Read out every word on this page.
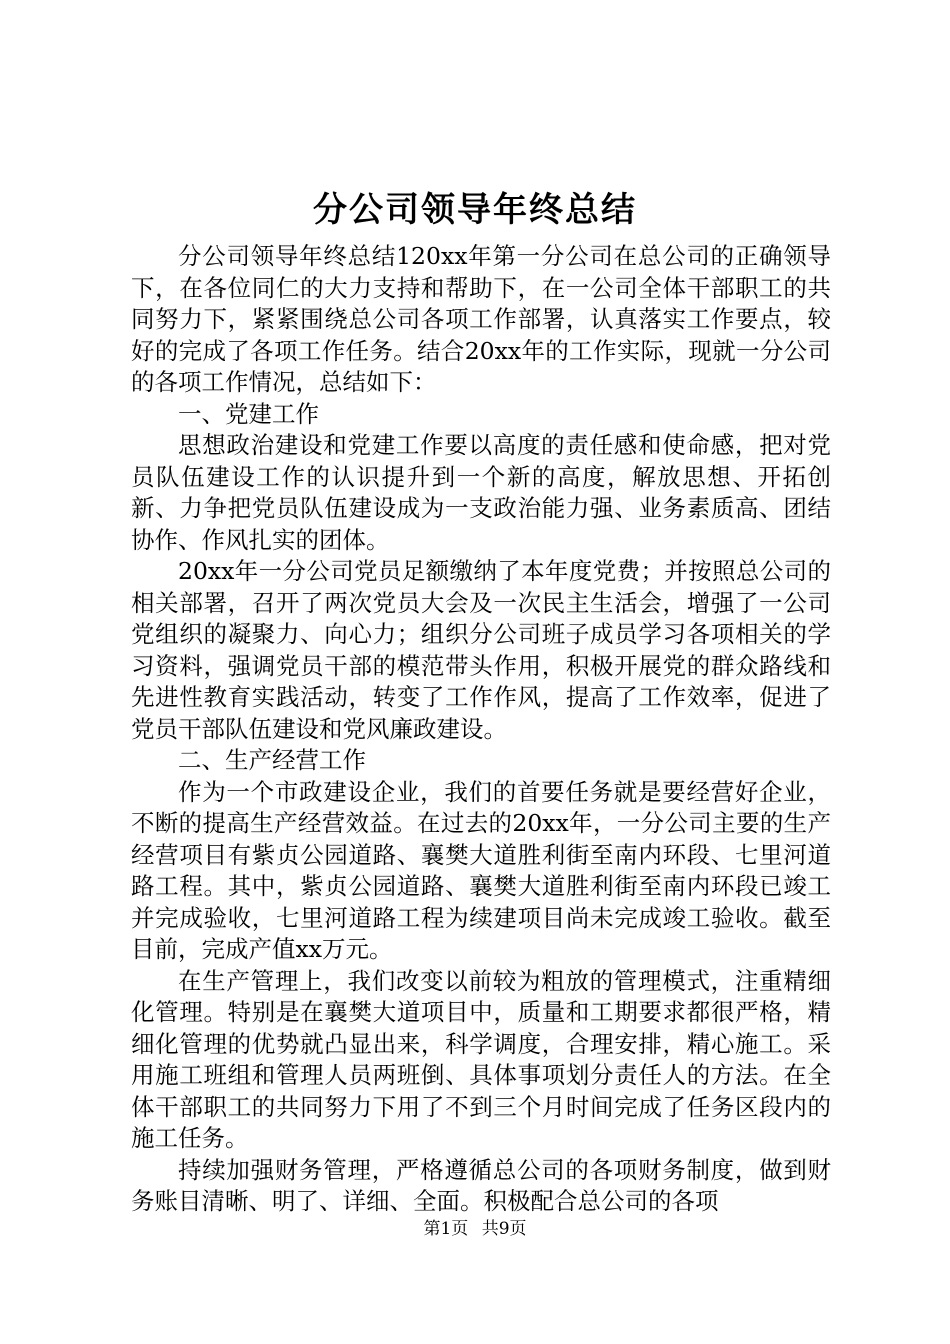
分公司领导年终总结

分公司领导年终总结120xx年第一分公司在总公司的正确领导下，在各位同仁的大力支持和帮助下，在一公司全体干部职工的共同努力下，紧紧围绕总公司各项工作部署，认真落实工作要点，较好的完成了各项工作任务。结合20xx年的工作实际，现就一分公司的各项工作情况，总结如下：

一、党建工作

思想政治建设和党建工作要以高度的责任感和使命感，把对党员队伍建设工作的认识提升到一个新的高度，解放思想、开拓创新、力争把党员队伍建设成为一支政治能力强、业务素质高、团结协作、作风扎实的团体。

20xx年一分公司党员足额缴纳了本年度党费；并按照总公司的相关部署，召开了两次党员大会及一次民主生活会，增强了一公司党组织的凝聚力、向心力；组织分公司班子成员学习各项相关的学习资料，强调党员干部的模范带头作用，积极开展党的群众路线和先进性教育实践活动，转变了工作作风，提高了工作效率，促进了党员干部队伍建设和党风廉政建设。

二、生产经营工作

作为一个市政建设企业，我们的首要任务就是要经营好企业，不断的提高生产经营效益。在过去的20xx年，一分公司主要的生产经营项目有紫贞公园道路、襄樊大道胜利街至南内环段、七里河道路工程。其中，紫贞公园道路、襄樊大道胜利街至南内环段已竣工并完成验收，七里河道路工程为续建项目尚未完成竣工验收。截至目前，完成产值xx万元。

在生产管理上，我们改变以前较为粗放的管理模式，注重精细化管理。特别是在襄樊大道项目中，质量和工期要求都很严格，精细化管理的优势就凸显出来，科学调度，合理安排，精心施工。采用施工班组和管理人员两班倒、具体事项划分责任人的方法。在全体干部职工的共同努力下用了不到三个月时间完成了任务区段内的施工任务。

持续加强财务管理，严格遵循总公司的各项财务制度，做到财务账目清晰、明了、详细、全面。积极配合总公司的各项

第1页 共9页
